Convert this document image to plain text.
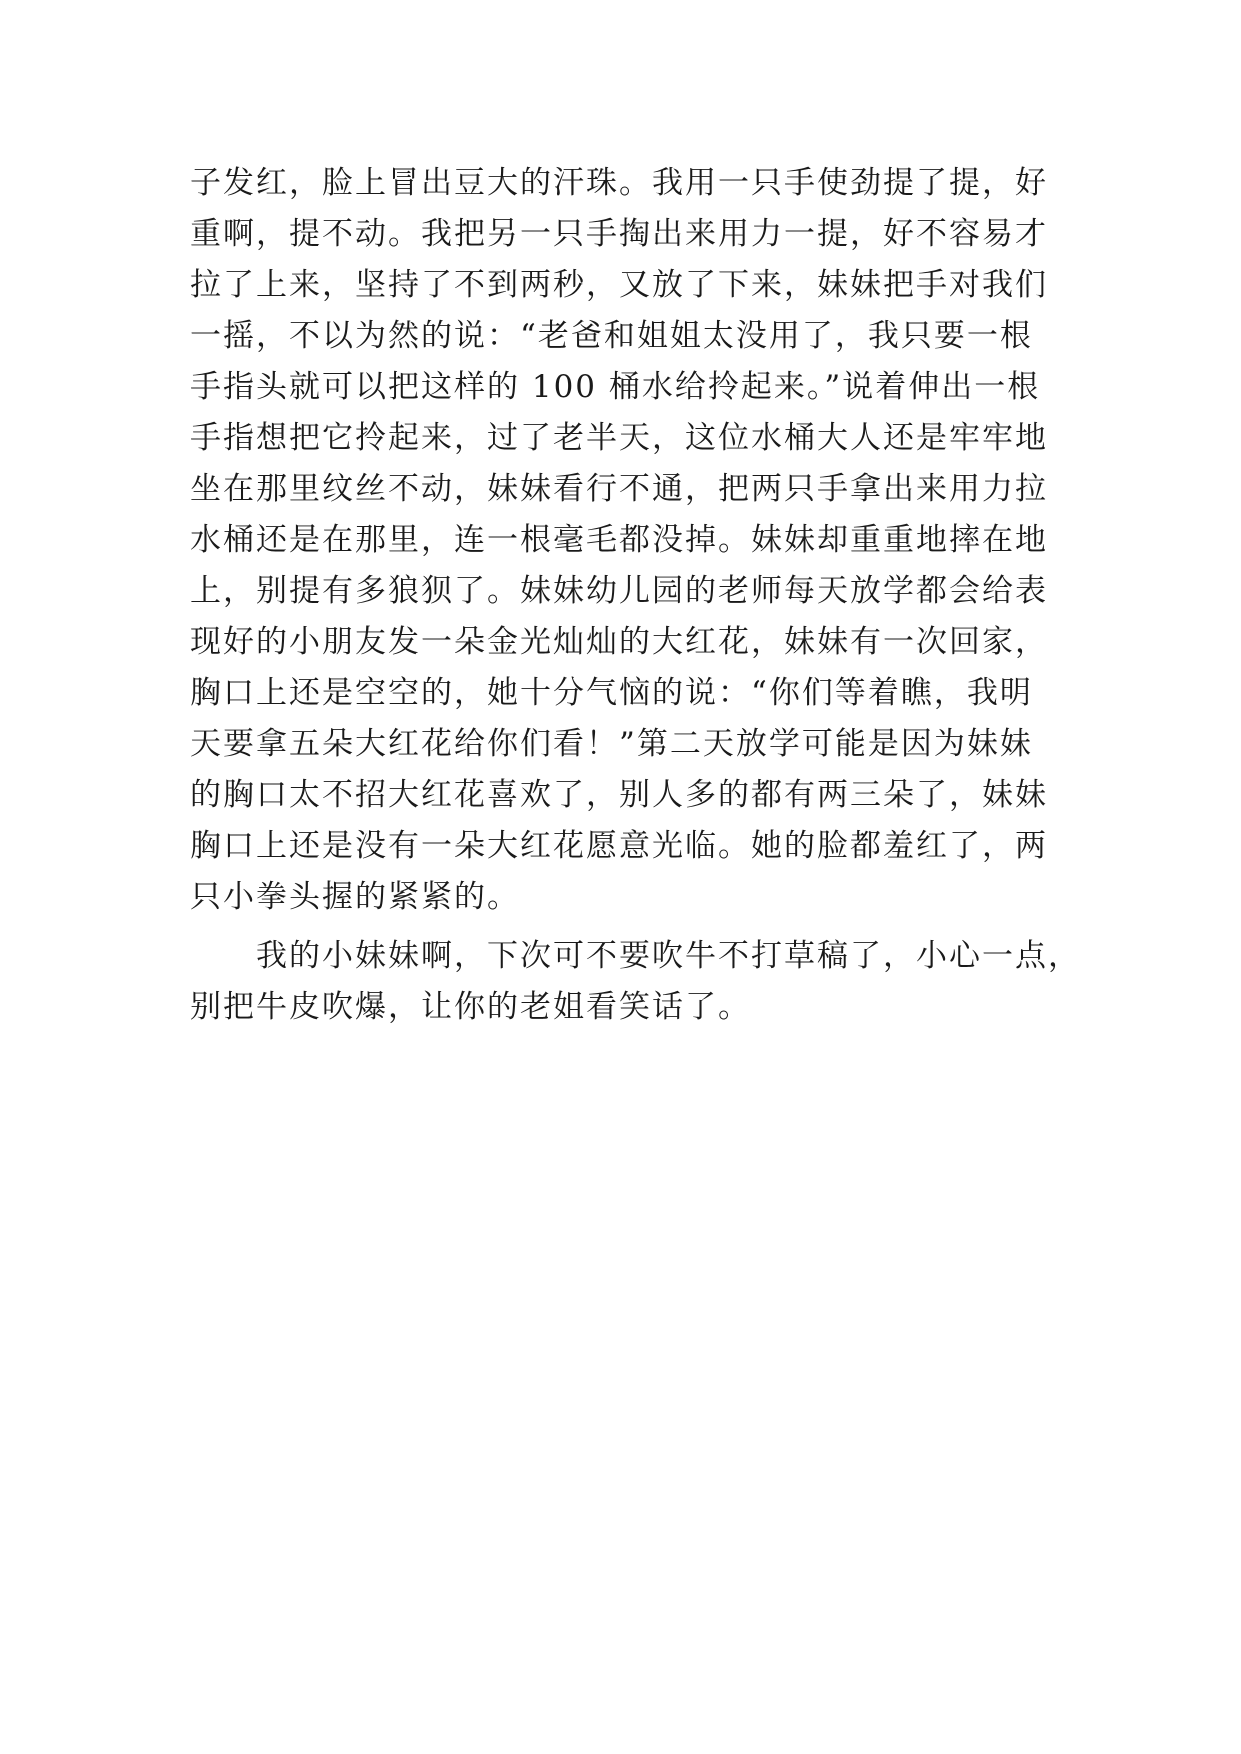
子发红，脸上冒出豆大的汗珠。我用一只手使劲提了提，好
重啊，提不动。我把另一只手掏出来用力一提，好不容易才
拉了上来，坚持了不到两秒，又放了下来，妹妹把手对我们
一摇，不以为然的说：“老爸和姐姐太没用了，我只要一根
手指头就可以把这样的 100 桶水给拎起来。”说着伸出一根
手指想把它拎起来，过了老半天，这位水桶大人还是牢牢地
坐在那里纹丝不动，妹妹看行不通，把两只手拿出来用力拉
水桶还是在那里，连一根毫毛都没掉。妹妹却重重地摔在地
上，别提有多狼狈了。妹妹幼儿园的老师每天放学都会给表
现好的小朋友发一朵金光灿灿的大红花，妹妹有一次回家，
胸口上还是空空的，她十分气恼的说：“你们等着瞧，我明
天要拿五朵大红花给你们看！”第二天放学可能是因为妹妹
的胸口太不招大红花喜欢了，别人多的都有两三朵了，妹妹
胸口上还是没有一朵大红花愿意光临。她的脸都羞红了，两
只小拳头握的紧紧的。
我的小妹妹啊，下次可不要吹牛不打草稿了，小心一点，
别把牛皮吹爆，让你的老姐看笑话了。
